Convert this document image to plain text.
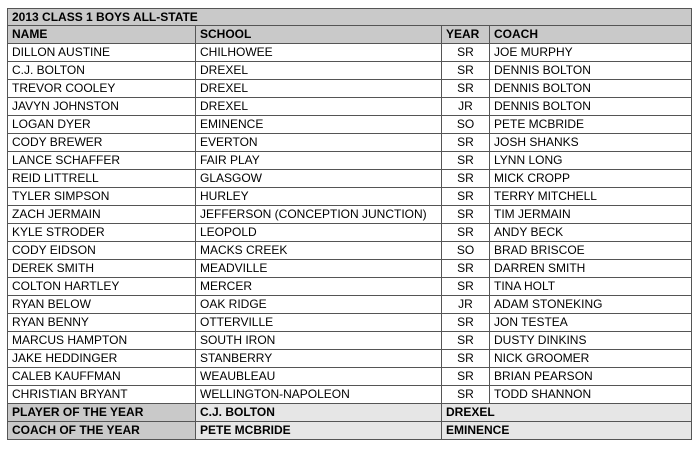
2013 CLASS 1 BOYS ALL-STATE			
NAME	SCHOOL	YEAR	COACH
DILLON AUSTINE	CHILHOWEE	SR	JOE MURPHY
C.J. BOLTON	DREXEL	SR	DENNIS BOLTON
TREVOR COOLEY	DREXEL	SR	DENNIS BOLTON
JAVYN JOHNSTON	DREXEL	JR	DENNIS BOLTON
LOGAN DYER	EMINENCE	SO	PETE MCBRIDE
CODY BREWER	EVERTON	SR	JOSH SHANKS
LANCE SCHAFFER	FAIR PLAY	SR	LYNN LONG
REID LITTRELL	GLASGOW	SR	MICK CROPP
TYLER SIMPSON	HURLEY	SR	TERRY MITCHELL
ZACH JERMAIN	JEFFERSON (CONCEPTION JUNCTION)	SR	TIM JERMAIN
KYLE STRODER	LEOPOLD	SR	ANDY BECK
CODY EIDSON	MACKS CREEK	SO	BRAD BRISCOE
DEREK SMITH	MEADVILLE	SR	DARREN SMITH
COLTON HARTLEY	MERCER	SR	TINA HOLT
RYAN BELOW	OAK RIDGE	JR	ADAM STONEKING
RYAN BENNY	OTTERVILLE	SR	JON TESTEA
MARCUS HAMPTON	SOUTH IRON	SR	DUSTY DINKINS
JAKE HEDDINGER	STANBERRY	SR	NICK GROOMER
CALEB KAUFFMAN	WEAUBLEAU	SR	BRIAN PEARSON
CHRISTIAN BRYANT	WELLINGTON-NAPOLEON	SR	TODD SHANNON
PLAYER OF THE YEAR	C.J. BOLTON	DREXEL	
COACH OF THE YEAR	PETE MCBRIDE	EMINENCE	
